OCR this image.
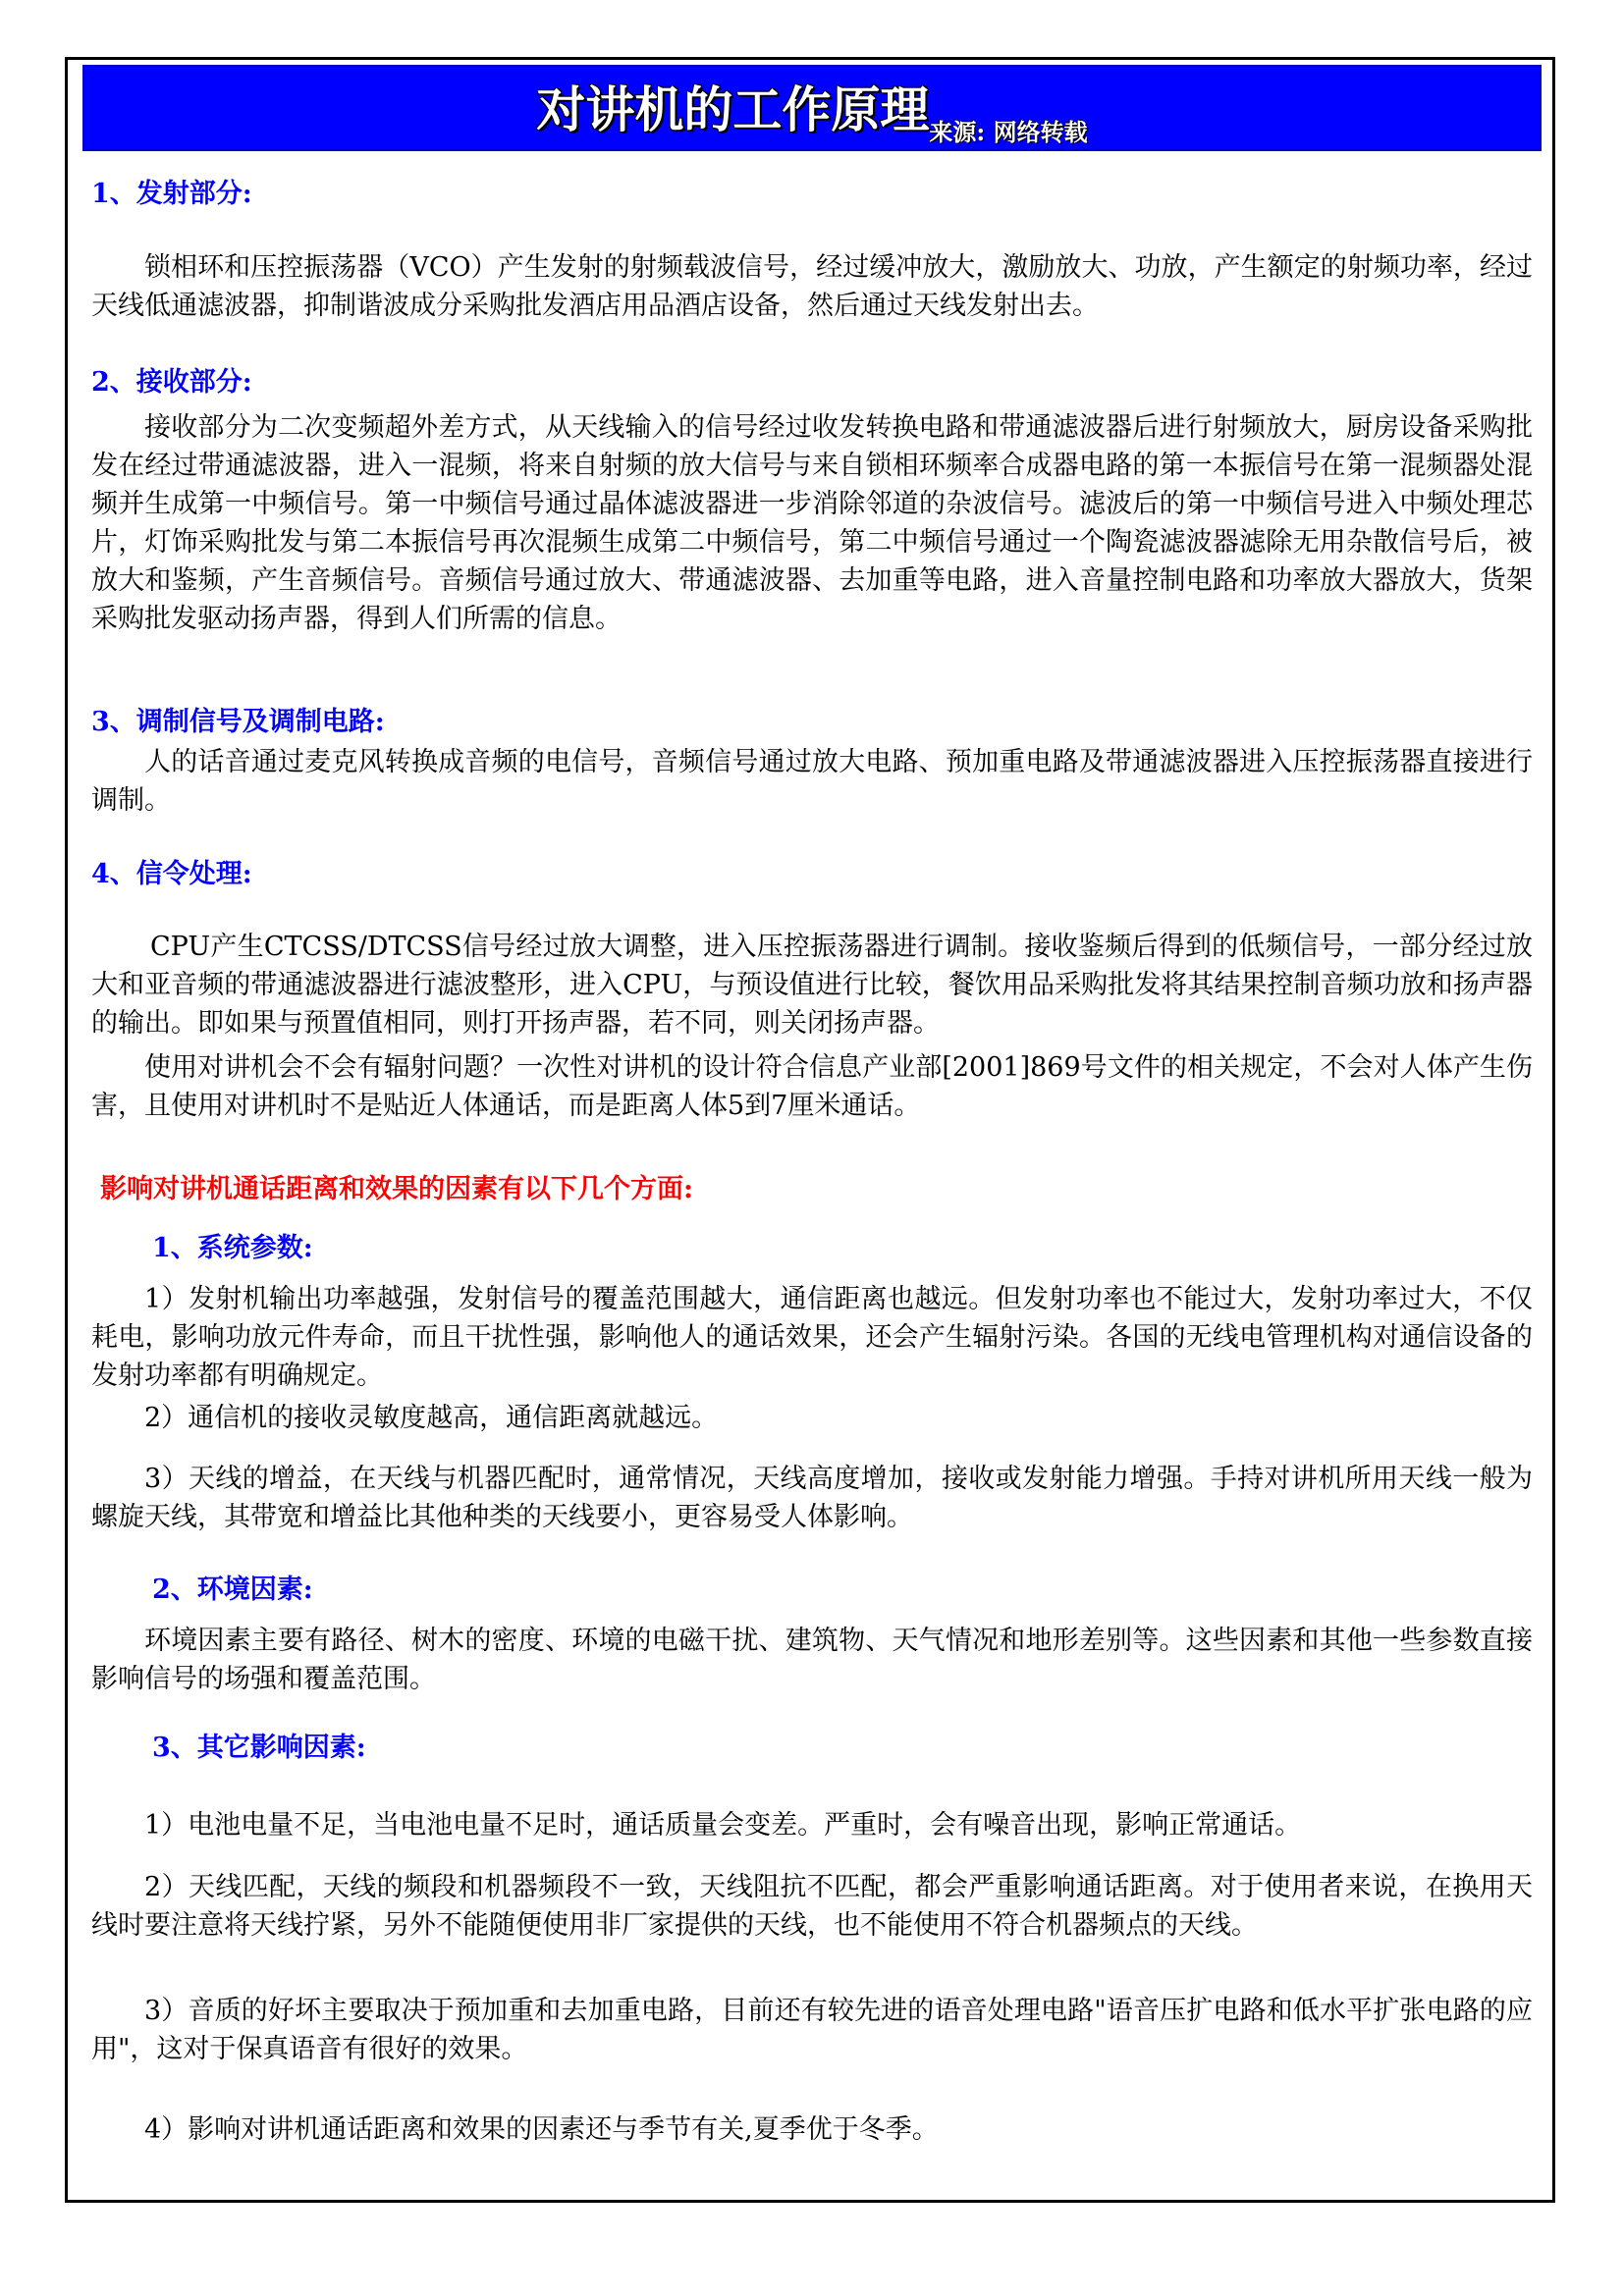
对讲机的工作原理来源: 网络转载
1、发射部分:

锁相环和压控振荡器（VCO）产生发射的射频载波信号，经过缓冲放大，激励放大、功放，产生额定的射频功率，经过天线低通滤波器，抑制谐波成分采购批发酒店用品酒店设备，然后通过天线发射出去。

2、接收部分:

接收部分为二次变频超外差方式，从天线输入的信号经过收发转换电路和带通滤波器后进行射频放大，厨房设备采购批发在经过带通滤波器，进入一混频，将来自射频的放大信号与来自锁相环频率合成器电路的第一本振信号在第一混频器处混频并生成第一中频信号。第一中频信号通过晶体滤波器进一步消除邻道的杂波信号。滤波后的第一中频信号进入中频处理芯片，灯饰采购批发与第二本振信号再次混频生成第二中频信号，第二中频信号通过一个陶瓷滤波器滤除无用杂散信号后，被放大和鉴频，产生音频信号。音频信号通过放大、带通滤波器、去加重等电路，进入音量控制电路和功率放大器放大，货架采购批发驱动扬声器，得到人们所需的信息。

3、调制信号及调制电路:

人的话音通过麦克风转换成音频的电信号，音频信号通过放大电路、预加重电路及带通滤波器进入压控振荡器直接进行调制。

4、信令处理:

CPU产生CTCSS/DTCSS信号经过放大调整，进入压控振荡器进行调制。接收鉴频后得到的低频信号，一部分经过放大和亚音频的带通滤波器进行滤波整形，进入CPU，与预设值进行比较，餐饮用品采购批发将其结果控制音频功放和扬声器的输出。即如果与预置值相同，则打开扬声器，若不同，则关闭扬声器。

使用对讲机会不会有辐射问题？一次性对讲机的设计符合信息产业部[2001]869号文件的相关规定，不会对人体产生伤害，且使用对讲机时不是贴近人体通话，而是距离人体5到7厘米通话。

影响对讲机通话距离和效果的因素有以下几个方面:
1、系统参数:

1）发射机输出功率越强，发射信号的覆盖范围越大，通信距离也越远。但发射功率也不能过大，发射功率过大，不仅耗电，影响功放元件寿命，而且干扰性强，影响他人的通话效果，还会产生辐射污染。各国的无线电管理机构对通信设备的发射功率都有明确规定。

2）通信机的接收灵敏度越高，通信距离就越远。

3）天线的增益，在天线与机器匹配时，通常情况，天线高度增加，接收或发射能力增强。手持对讲机所用天线一般为螺旋天线，其带宽和增益比其他种类的天线要小，更容易受人体影响。

2、环境因素:

环境因素主要有路径、树木的密度、环境的电磁干扰、建筑物、天气情况和地形差别等。这些因素和其他一些参数直接影响信号的场强和覆盖范围。

3、其它影响因素:

1）电池电量不足，当电池电量不足时，通话质量会变差。严重时，会有噪音出现，影响正常通话。

2）天线匹配，天线的频段和机器频段不一致，天线阻抗不匹配，都会严重影响通话距离。对于使用者来说，在换用天线时要注意将天线拧紧，另外不能随便使用非厂家提供的天线，也不能使用不符合机器频点的天线。

3）音质的好坏主要取决于预加重和去加重电路，目前还有较先进的语音处理电路"语音压扩电路和低水平扩张电路的应用"，这对于保真语音有很好的效果。

4）影响对讲机通话距离和效果的因素还与季节有关,夏季优于冬季。
